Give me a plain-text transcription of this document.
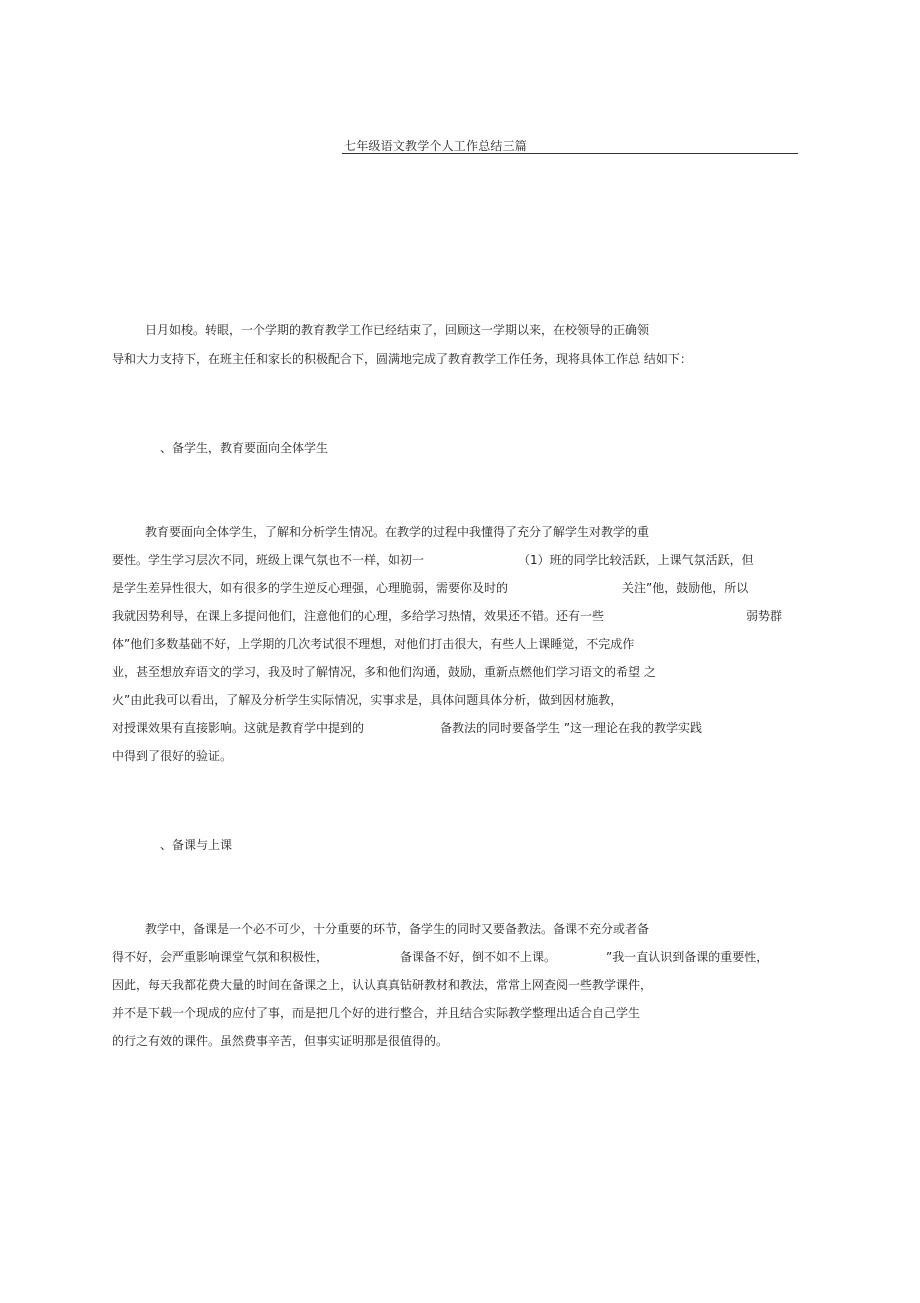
七年级语文教学个人工作总结三篇
日月如梭。转眼，一个学期的教育教学工作已经结束了，回顾这一学期以来，在校领导的正确领
导和大力支持下，在班主任和家长的积极配合下，圆满地完成了教育教学工作任务，现将具体工作总 结如下：
、备学生，教育要面向全体学生
教育要面向全体学生，了解和分析学生情况。在教学的过程中我懂得了充分了解学生对教学的重
要性。学生学习层次不同，班级上课气氛也不一样，如初一	（1）班的同学比较活跃，上课气氛活跃，但
是学生差异性很大，如有很多的学生逆反心理强，心理脆弱，需要你及时的	关注”他，鼓励他，所以
我就因势利导，在课上多提问他们，注意他们的心理，多给学习热情，效果还不错。还有一些	弱势群
体”他们多数基础不好，上学期的几次考试很不理想，对他们打击很大，有些人上课睡觉，不完成作
业，甚至想放弃语文的学习，我及时了解情况，多和他们沟通，鼓励，重新点燃他们学习语文的希望 之
火”由此我可以看出，了解及分析学生实际情况，实事求是，具体问题具体分析，做到因材施教，
对授课效果有直接影响。这就是教育学中提到的	备教法的同时要备学生 ”这一理论在我的教学实践
中得到了很好的验证。
、备课与上课
教学中，备课是一个必不可少，十分重要的环节，备学生的同时又要备教法。备课不充分或者备
得不好，会严重影响课堂气氛和积极性，	备课备不好，倒不如不上课。	”我一直认识到备课的重要性，
因此，每天我都花费大量的时间在备课之上，认认真真钻研教材和教法，常常上网查阅一些教学课件，
并不是下载一个现成的应付了事，而是把几个好的进行整合，并且结合实际教学整理出适合自己学生
的行之有效的课件。虽然费事辛苦，但事实证明那是很值得的。
